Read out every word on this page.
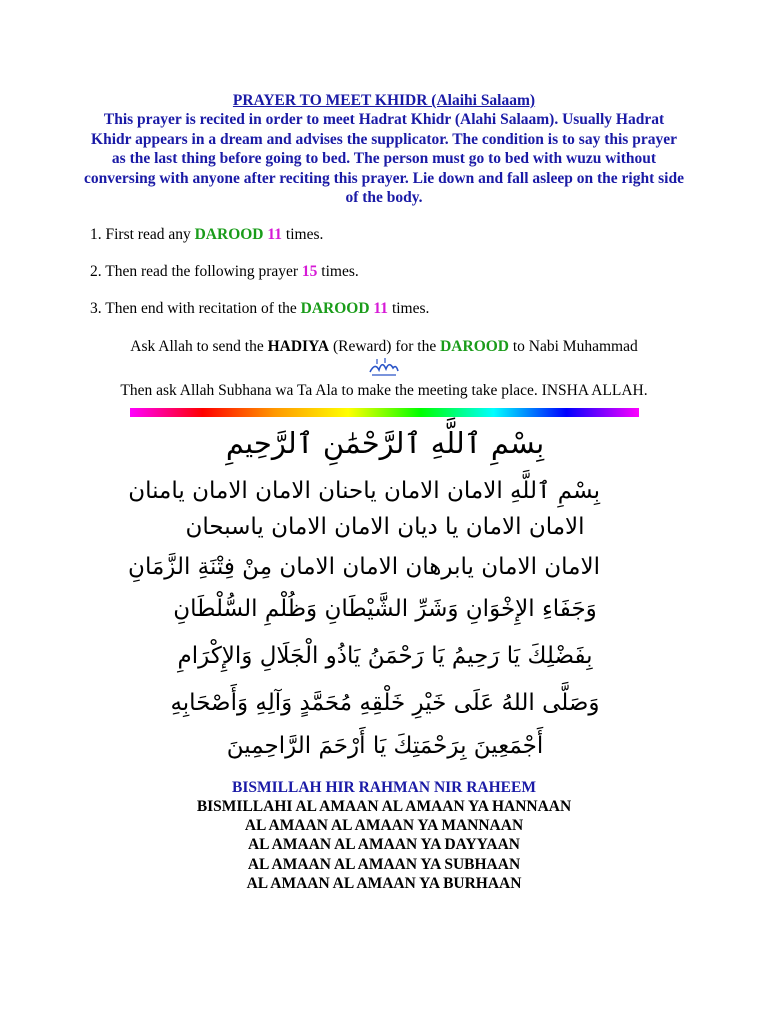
PRAYER TO MEET KHIDR (Alaihi Salaam)
This prayer is recited in order to meet Hadrat Khidr (Alahi Salaam). Usually Hadrat Khidr appears in a dream and advises the supplicator. The condition is to say this prayer as the last thing before going to bed. The person must go to bed with wuzu without conversing with anyone after reciting this prayer. Lie down and fall asleep on the right side of the body.
1. First read any DAROOD 11 times.
2. Then read the following prayer 15 times.
3. Then end with recitation of the DAROOD 11 times.
Ask Allah to send the HADIYA (Reward) for the DAROOD to Nabi Muhammad
Then ask Allah Subhana wa Ta Ala to make the meeting take place. INSHA ALLAH.
بِسْمِ ٱللَّهِ ٱلرَّحْمَٰنِ ٱلرَّحِيمِ
بِسْمِ ٱللَّهِ الامان الامان ياحنان الامان الامان يامنان
الامان الامان يا ديان الامان الامان ياسبحان
الامان الامان يابرهان الامان الامان مِنْ فِتْنَةِ الزَّمَانِ
وَجَفَاءِ الإِخْوَانِ وَشَرِّ الشَّيْطَانِ وَظُلْمِ السُّلْطَانِ
بِفَضْلِكَ يَا رَحِيمُ يَا رَحْمَنُ يَاذُو الْجَلَالِ وَالإِكْرَامِ
وَصَلَّى اللهُ عَلَى خَيْرِ خَلْقِهِ مُحَمَّدٍ وَآلِهِ وَأَصْحَابِهِ
أَجْمَعِينَ بِرَحْمَتِكَ يَا أَرْحَمَ الرَّاحِمِينَ
BISMILLAH HIR RAHMAN NIR RAHEEM
BISMILLAHI AL AMAAN AL AMAAN YA HANNAAN
AL AMAAN AL AMAAN YA MANNAAN
AL AMAAN AL AMAAN YA DAYYAAN
AL AMAAN AL AMAAN YA SUBHAAN
AL AMAAN AL AMAAN YA BURHAAN
